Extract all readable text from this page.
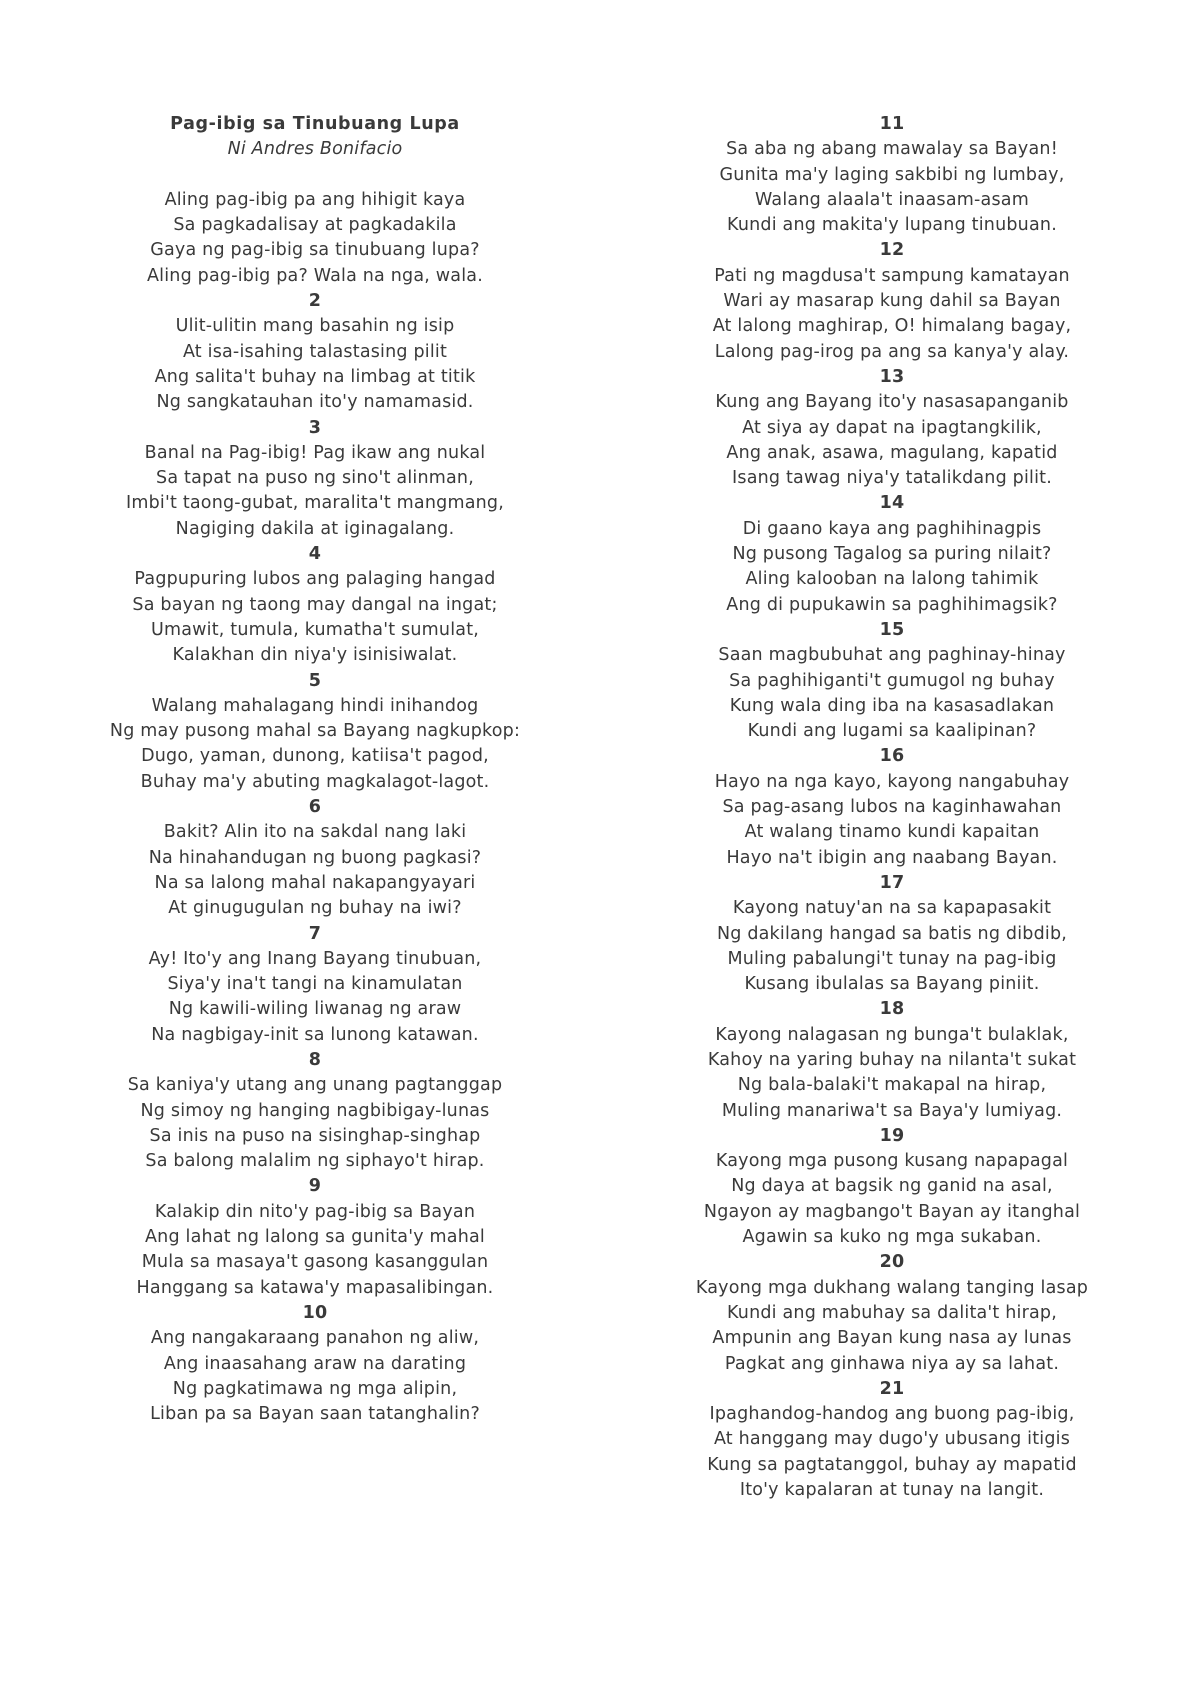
Pag-ibig sa Tinubuang Lupa
Ni Andres Bonifacio
Aling pag-ibig pa ang hihigit kaya
Sa pagkadalisay at pagkadakila
Gaya ng pag-ibig sa tinubuang lupa?
Aling pag-ibig pa? Wala na nga, wala.
2
Ulit-ulitin mang basahin ng isip
At isa-isahing talastasing pilit
Ang salita't buhay na limbag at titik
Ng sangkatauhan ito'y namamasid.
3
Banal na Pag-ibig! Pag ikaw ang nukal
Sa tapat na puso ng sino't alinman,
Imbi't taong-gubat, maralita't mangmang,
Nagiging dakila at iginagalang.
4
Pagpupuring lubos ang palaging hangad
Sa bayan ng taong may dangal na ingat;
Umawit, tumula, kumatha't sumulat,
Kalakhan din niya'y isinisiwalat.
5
Walang mahalagang hindi inihandog
Ng may pusong mahal sa Bayang nagkupkop:
Dugo, yaman, dunong, katiisa't pagod,
Buhay ma'y abuting magkalagot-lagot.
6
Bakit? Alin ito na sakdal nang laki
Na hinahandugan ng buong pagkasi?
Na sa lalong mahal nakapangyayari
At ginugugulan ng buhay na iwi?
7
Ay! Ito'y ang Inang Bayang tinubuan,
Siya'y ina't tangi na kinamulatan
Ng kawili-wiling liwanag ng araw
Na nagbigay-init sa lunong katawan.
8
Sa kaniya'y utang ang unang pagtanggap
Ng simoy ng hanging nagbibigay-lunas
Sa inis na puso na sisinghap-singhap
Sa balong malalim ng siphayo't hirap.
9
Kalakip din nito'y pag-ibig sa Bayan
Ang lahat ng lalong sa gunita'y mahal
Mula sa masaya't gasong kasanggulan
Hanggang sa katawa'y mapasalibingan.
10
Ang nangakaraang panahon ng aliw,
Ang inaasahang araw na darating
Ng pagkatimawa ng mga alipin,
Liban pa sa Bayan saan tatanghalin?
11
Sa aba ng abang mawalay sa Bayan!
Gunita ma'y laging sakbibi ng lumbay,
Walang alaala't inaasam-asam
Kundi ang makita'y lupang tinubuan.
12
Pati ng magdusa't sampung kamatayan
Wari ay masarap kung dahil sa Bayan
At lalong maghirap, O! himalang bagay,
Lalong pag-irog pa ang sa kanya'y alay.
13
Kung ang Bayang ito'y nasasapanganib
At siya ay dapat na ipagtangkilik,
Ang anak, asawa, magulang, kapatid
Isang tawag niya'y tatalikdang pilit.
14
Di gaano kaya ang paghihinagpis
Ng pusong Tagalog sa puring nilait?
Aling kalooban na lalong tahimik
Ang di pupukawin sa paghihimagsik?
15
Saan magbubuhat ang paghinay-hinay
Sa paghihiganti't gumugol ng buhay
Kung wala ding iba na kasasadlakan
Kundi ang lugami sa kaalipinan?
16
Hayo na nga kayo, kayong nangabuhay
Sa pag-asang lubos na kaginhawahan
At walang tinamo kundi kapaitan
Hayo na't ibigin ang naabang Bayan.
17
Kayong natuy'an na sa kapapasakit
Ng dakilang hangad sa batis ng dibdib,
Muling pabalungi't tunay na pag-ibig
Kusang ibulalas sa Bayang piniit.
18
Kayong nalagasan ng bunga't bulaklak,
Kahoy na yaring buhay na nilanta't sukat
Ng bala-balaki't makapal na hirap,
Muling manariwa't sa Baya'y lumiyag.
19
Kayong mga pusong kusang napapagal
Ng daya at bagsik ng ganid na asal,
Ngayon ay magbango't Bayan ay itanghal
Agawin sa kuko ng mga sukaban.
20
Kayong mga dukhang walang tanging lasap
Kundi ang mabuhay sa dalita't hirap,
Ampunin ang Bayan kung nasa ay lunas
Pagkat ang ginhawa niya ay sa lahat.
21
Ipaghandog-handog ang buong pag-ibig,
At hanggang may dugo'y ubusang itigis
Kung sa pagtatanggol, buhay ay mapatid
Ito'y kapalaran at tunay na langit.
